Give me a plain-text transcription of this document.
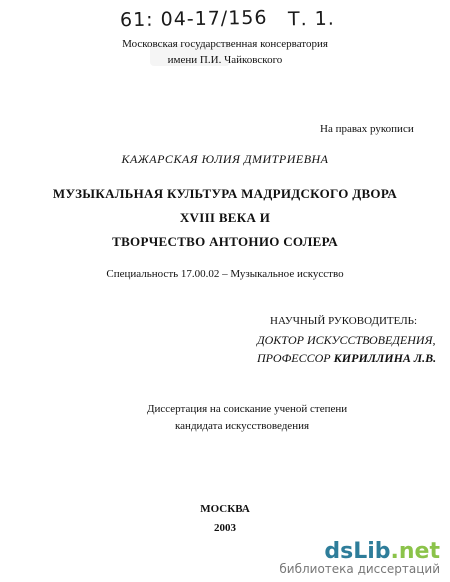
61: 04-17/156 Т. 1.
Московская государственная консерватория
имени П.И. Чайковского
На правах рукописи
КАЖАРСКАЯ ЮЛИЯ ДМИТРИЕВНА
МУЗЫКАЛЬНАЯ КУЛЬТУРА МАДРИДСКОГО ДВОРА
XVIII ВЕКА И
ТВОРЧЕСТВО АНТОНИО СОЛЕРА
Специальность 17.00.02 – Музыкальное искусство
НАУЧНЫЙ РУКОВОДИТЕЛЬ:
ДОКТОР ИСКУССТВОВЕДЕНИЯ,
ПРОФЕССОР КИРИЛЛИНА Л.В.
Диссертация на соискание ученой степени
кандидата искусствоведения
МОСКВА
2003
dsLib.net
библиотека диссертаций
